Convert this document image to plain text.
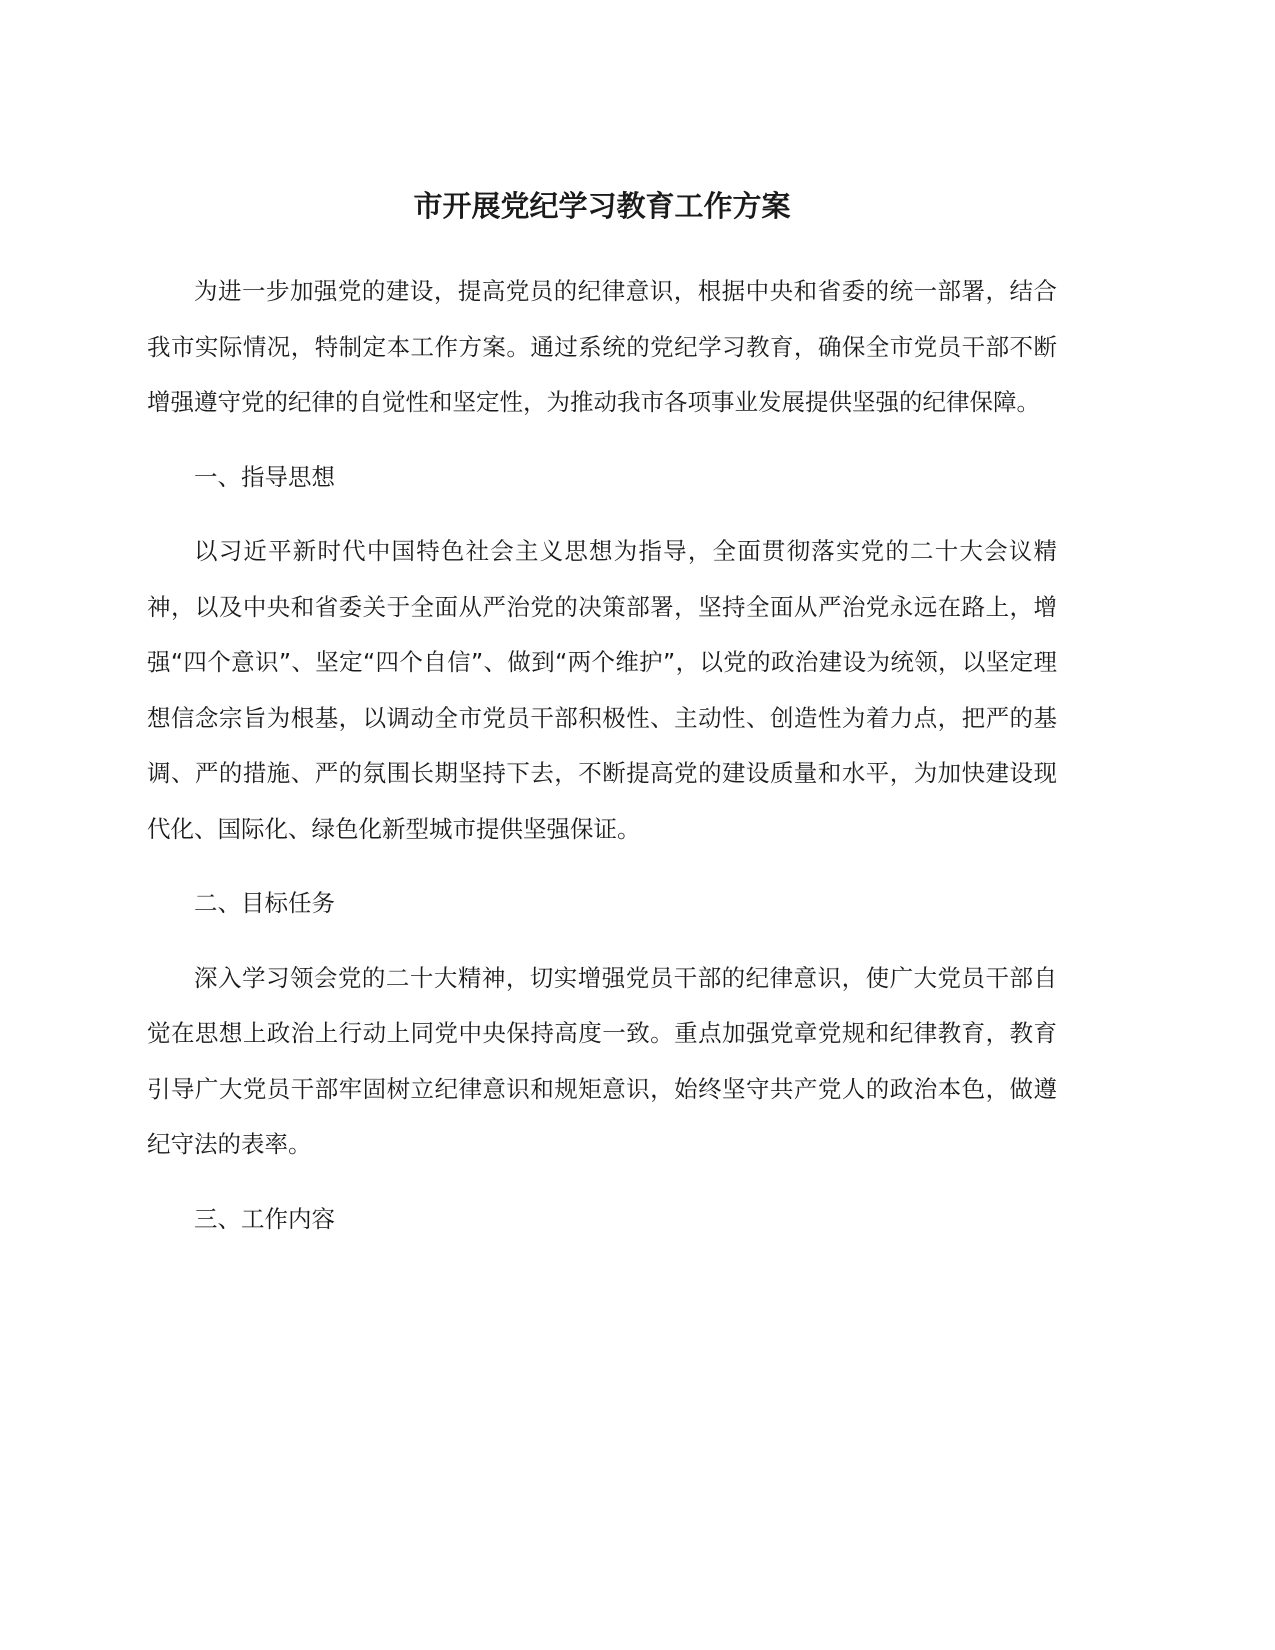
市开展党纪学习教育工作方案

为进一步加强党的建设，提高党员的纪律意识，根据中央和省委的统一部署，结合我市实际情况，特制定本工作方案。通过系统的党纪学习教育，确保全市党员干部不断增强遵守党的纪律的自觉性和坚定性，为推动我市各项事业发展提供坚强的纪律保障。

一、指导思想

以习近平新时代中国特色社会主义思想为指导，全面贯彻落实党的二十大会议精神，以及中央和省委关于全面从严治党的决策部署，坚持全面从严治党永远在路上，增强“四个意识”、坚定“四个自信”、做到“两个维护”，以党的政治建设为统领，以坚定理想信念宗旨为根基，以调动全市党员干部积极性、主动性、创造性为着力点，把严的基调、严的措施、严的氛围长期坚持下去，不断提高党的建设质量和水平，为加快建设现代化、国际化、绿色化新型城市提供坚强保证。

二、目标任务

深入学习领会党的二十大精神，切实增强党员干部的纪律意识，使广大党员干部自觉在思想上政治上行动上同党中央保持高度一致。重点加强党章党规和纪律教育，教育引导广大党员干部牢固树立纪律意识和规矩意识，始终坚守共产党人的政治本色，做遵纪守法的表率。

三、工作内容
